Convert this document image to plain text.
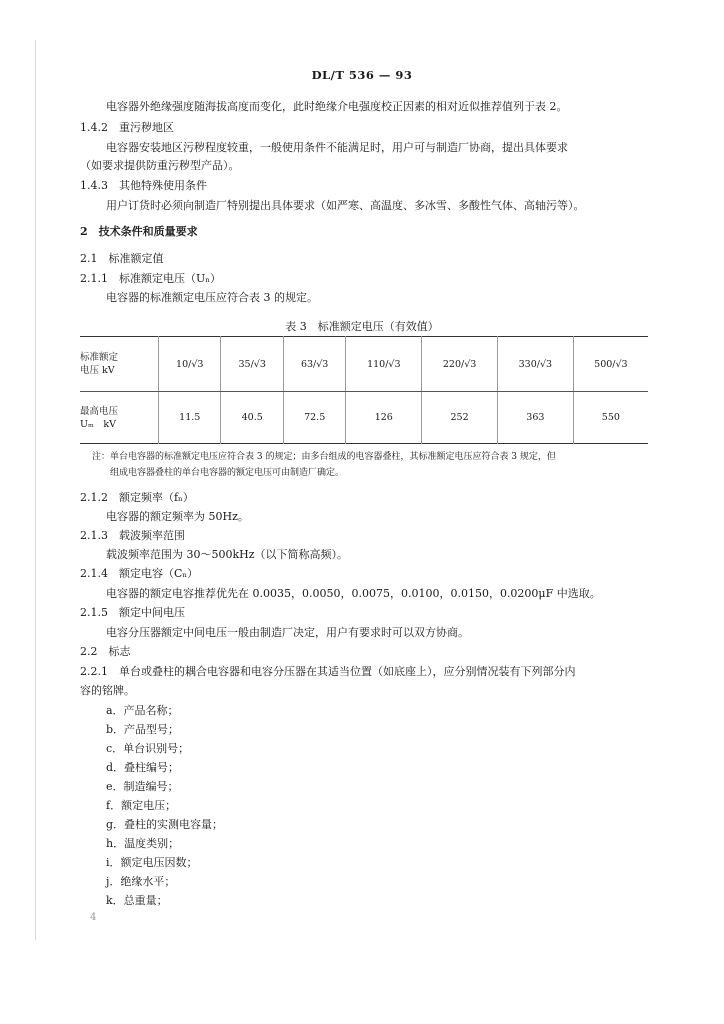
DL/T 536 — 93
电容器外绝缘强度随海拔高度而变化，此时绝缘介电强度校正因素的相对近似推荐值列于表 2。
1.4.2　重污秽地区
电容器安装地区污秽程度较重，一般使用条件不能满足时，用户可与制造厂协商，提出具体要求
（如要求提供防重污秽型产品）。
1.4.3　其他特殊使用条件
用户订货时必须向制造厂特别提出具体要求（如严寒、高温度、多冰雪、多酸性气体、高轴污等）。
2　技术条件和质量要求
2.1　标准额定值
2.1.1　标准额定电压（Uₙ）
电容器的标准额定电压应符合表 3 的规定。
表 3　标准额定电压（有效值）
标准额定
电压 kV	10/√3	35/√3	63/√3	110/√3	220/√3	330/√3	500/√3
最高电压
Uₘ　kV	11.5	40.5	72.5	126	252	363	550
注：单台电容器的标准额定电压应符合表 3 的规定；由多台组成的电容器叠柱，其标准额定电压应符合表 3 规定，但
组成电容器叠柱的单台电容器的额定电压可由制造厂确定。
2.1.2　额定频率（fₙ）
电容器的额定频率为 50Hz。
2.1.3　载波频率范围
载波频率范围为 30～500kHz（以下简称高频）。
2.1.4　额定电容（Cₙ）
电容器的额定电容推荐优先在 0.0035，0.0050，0.0075，0.0100，0.0150，0.0200μF 中选取。
2.1.5　额定中间电压
电容分压器额定中间电压一般由制造厂决定，用户有要求时可以双方协商。
2.2　标志
2.2.1　单台或叠柱的耦合电容器和电容分压器在其适当位置（如底座上），应分别情况装有下列部分内
容的铭牌。
a．产品名称；
b．产品型号；
c．单台识别号；
d．叠柱编号；
e．制造编号；
f．额定电压；
g．叠柱的实测电容量；
h．温度类别；
i．额定电压因数；
j．绝缘水平；
k．总重量；
4
